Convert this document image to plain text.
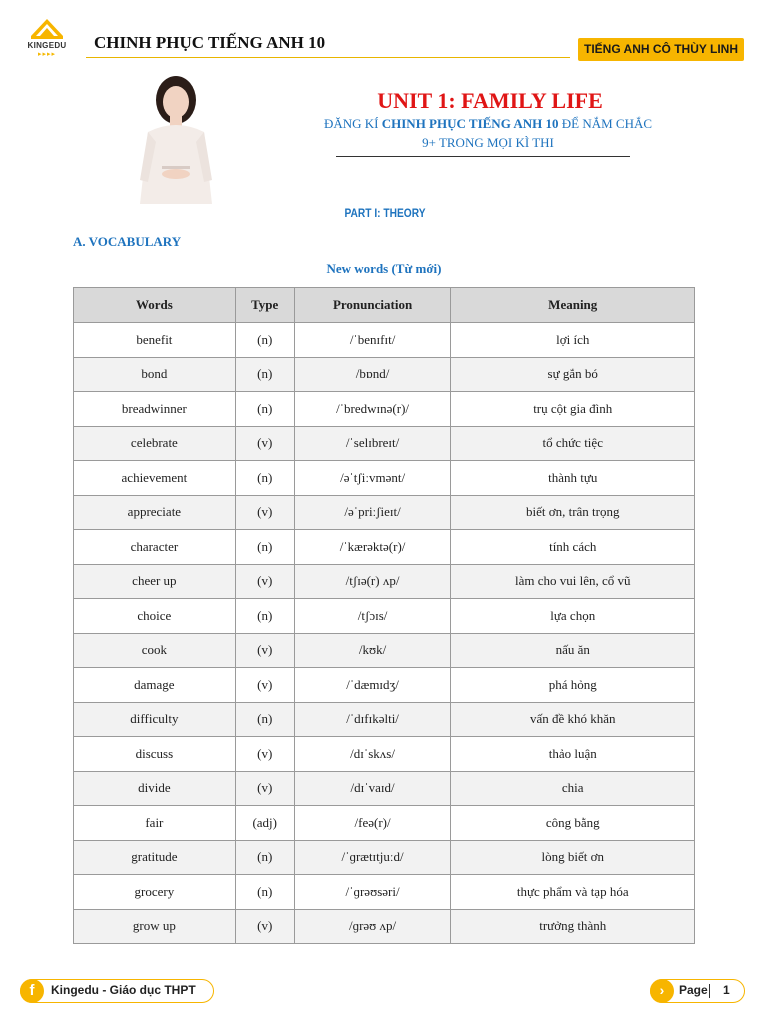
KINGEDU
▸▸▸▸
CHINH PHỤC TIẾNG ANH 10	TIẾNG ANH CÔ THÙY LINH
UNIT 1: FAMILY LIFE
ĐĂNG KÍ CHINH PHỤC TIẾNG ANH 10 ĐỂ NẮM CHẮC
9+ TRONG MỌI KÌ THI
PART I: THEORY
A. VOCABULARY
New words (Từ mới)
Words	Type	Pronunciation	Meaning
benefit	(n)	/ˈbenɪfɪt/	lợi ích
bond	(n)	/bɒnd/	sự gắn bó
breadwinner	(n)	/ˈbredwɪnə(r)/	trụ cột gia đình
celebrate	(v)	/ˈselɪbreɪt/	tổ chức tiệc
achievement	(n)	/əˈtʃiːvmənt/	thành tựu
appreciate	(v)	/əˈpriːʃieɪt/	biết ơn, trân trọng
character	(n)	/ˈkærəktə(r)/	tính cách
cheer up	(v)	/tʃɪə(r) ʌp/	làm cho vui lên, cổ vũ
choice	(n)	/tʃɔɪs/	lựa chọn
cook	(v)	/kʊk/	nấu ăn
damage	(v)	/ˈdæmɪdʒ/	phá hỏng
difficulty	(n)	/ˈdɪfɪkəlti/	vấn đề khó khăn
discuss	(v)	/dɪˈskʌs/	thảo luận
divide	(v)	/dɪˈvaɪd/	chia
fair	(adj)	/feə(r)/	công bằng
gratitude	(n)	/ˈɡrætɪtjuːd/	lòng biết ơn
grocery	(n)	/ˈɡrəʊsəri/	thực phẩm và tạp hóa
grow up	(v)	/ɡrəʊ ʌp/	trưởng thành
f	Kingedu - Giáo dục THPT	›	Page 1
